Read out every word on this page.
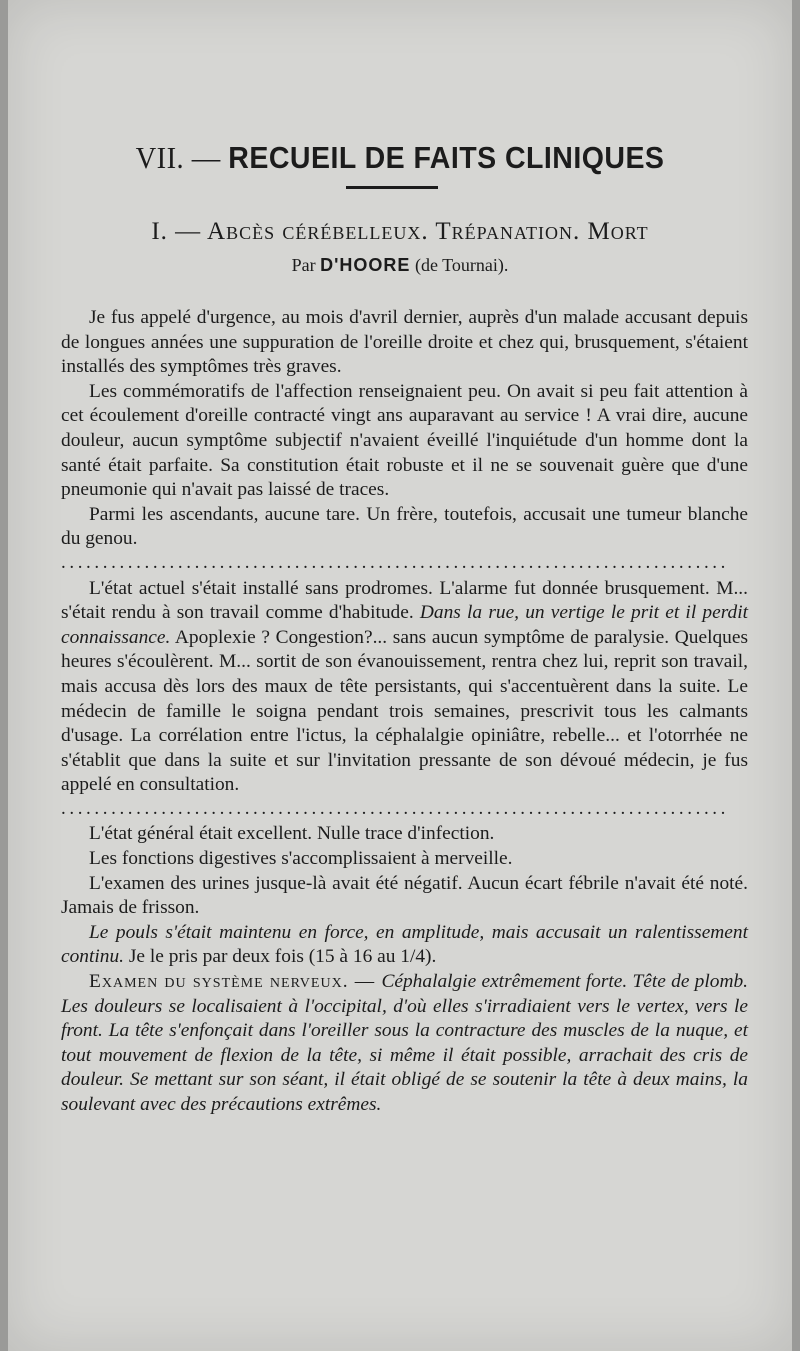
VII. — RECUEIL DE FAITS CLINIQUES
I. — Abcès cérébelleux. Trépanation. Mort
Par D'HOORE (de Tournai).

Je fus appelé d'urgence, au mois d'avril dernier, auprès d'un malade accusant depuis de longues années une suppuration de l'oreille droite et chez qui, brusquement, s'étaient installés des symptômes très graves.

Les commémoratifs de l'affection renseignaient peu. On avait si peu fait attention à cet écoulement d'oreille contracté vingt ans auparavant au service ! A vrai dire, aucune douleur, aucun symptôme subjectif n'avaient éveillé l'inquiétude d'un homme dont la santé était parfaite. Sa constitution était robuste et il ne se souvenait guère que d'une pneumonie qui n'avait pas laissé de traces.

Parmi les ascendants, aucune tare. Un frère, toutefois, accusait une tumeur blanche du genou.

................................................................................

L'état actuel s'était installé sans prodromes. L'alarme fut donnée brusquement. M... s'était rendu à son travail comme d'habitude. Dans la rue, un vertige le prit et il perdit connaissance. Apoplexie ? Congestion?... sans aucun symptôme de paralysie. Quelques heures s'écoulèrent. M... sortit de son évanouissement, rentra chez lui, reprit son travail, mais accusa dès lors des maux de tête persistants, qui s'accentuèrent dans la suite. Le médecin de famille le soigna pendant trois semaines, prescrivit tous les calmants d'usage. La corrélation entre l'ictus, la céphalalgie opiniâtre, rebelle... et l'otorrhée ne s'établit que dans la suite et sur l'invitation pressante de son dévoué médecin, je fus appelé en consultation.

................................................................................

L'état général était excellent. Nulle trace d'infection.

Les fonctions digestives s'accomplissaient à merveille.

L'examen des urines jusque-là avait été négatif. Aucun écart fébrile n'avait été noté. Jamais de frisson.

Le pouls s'était maintenu en force, en amplitude, mais accusait un ralentissement continu. Je le pris par deux fois (15 à 16 au 1/4).

Examen du système nerveux. — Céphalalgie extrêmement forte. Tête de plomb. Les douleurs se localisaient à l'occipital, d'où elles s'irradiaient vers le vertex, vers le front. La tête s'enfonçait dans l'oreiller sous la contracture des muscles de la nuque, et tout mouvement de flexion de la tête, si même il était possible, arrachait des cris de douleur. Se mettant sur son séant, il était obligé de se soutenir la tête à deux mains, la soulevant avec des précautions extrêmes.
